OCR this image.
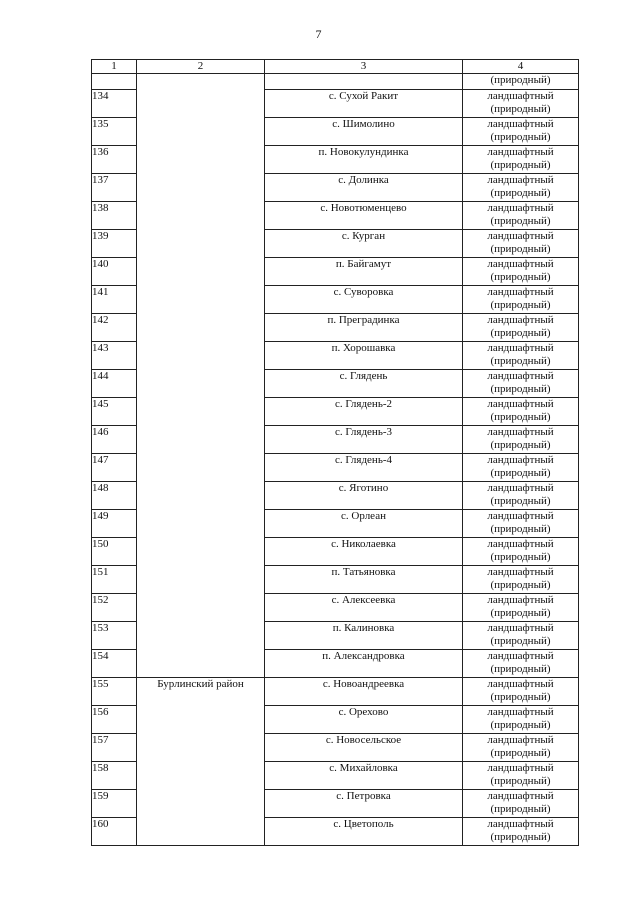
7
1	2	3	4

			(природный)

134		с. Сухой Ракит	ландшафтный
(природный)

135		с. Шимолино	ландшафтный
(природный)

136		п. Новокулундинка	ландшафтный
(природный)

137		с. Долинка	ландшафтный
(природный)

138		с. Новотюменцево	ландшафтный
(природный)

139		с. Курган	ландшафтный
(природный)

140		п. Байгамут	ландшафтный
(природный)

141		с. Суворовка	ландшафтный
(природный)

142		п. Преградинка	ландшафтный
(природный)

143		п. Хорошавка	ландшафтный
(природный)

144		с. Глядень	ландшафтный
(природный)

145		с. Глядень-2	ландшафтный
(природный)

146		с. Глядень-3	ландшафтный
(природный)

147		с. Глядень-4	ландшафтный
(природный)

148		с. Яготино	ландшафтный
(природный)

149		с. Орлеан	ландшафтный
(природный)

150		с. Николаевка	ландшафтный
(природный)

151		п. Татьяновка	ландшафтный
(природный)

152		с. Алексеевка	ландшафтный
(природный)

153		п. Калиновка	ландшафтный
(природный)

154		п. Александровка	ландшафтный
(природный)

155	Бурлинский район	с. Новоандреевка	ландшафтный
(природный)

156		с. Орехово	ландшафтный
(природный)

157		с. Новосельское	ландшафтный
(природный)

158		с. Михайловка	ландшафтный
(природный)

159		с. Петровка	ландшафтный
(природный)

160		с. Цветополь	ландшафтный
(природный)
